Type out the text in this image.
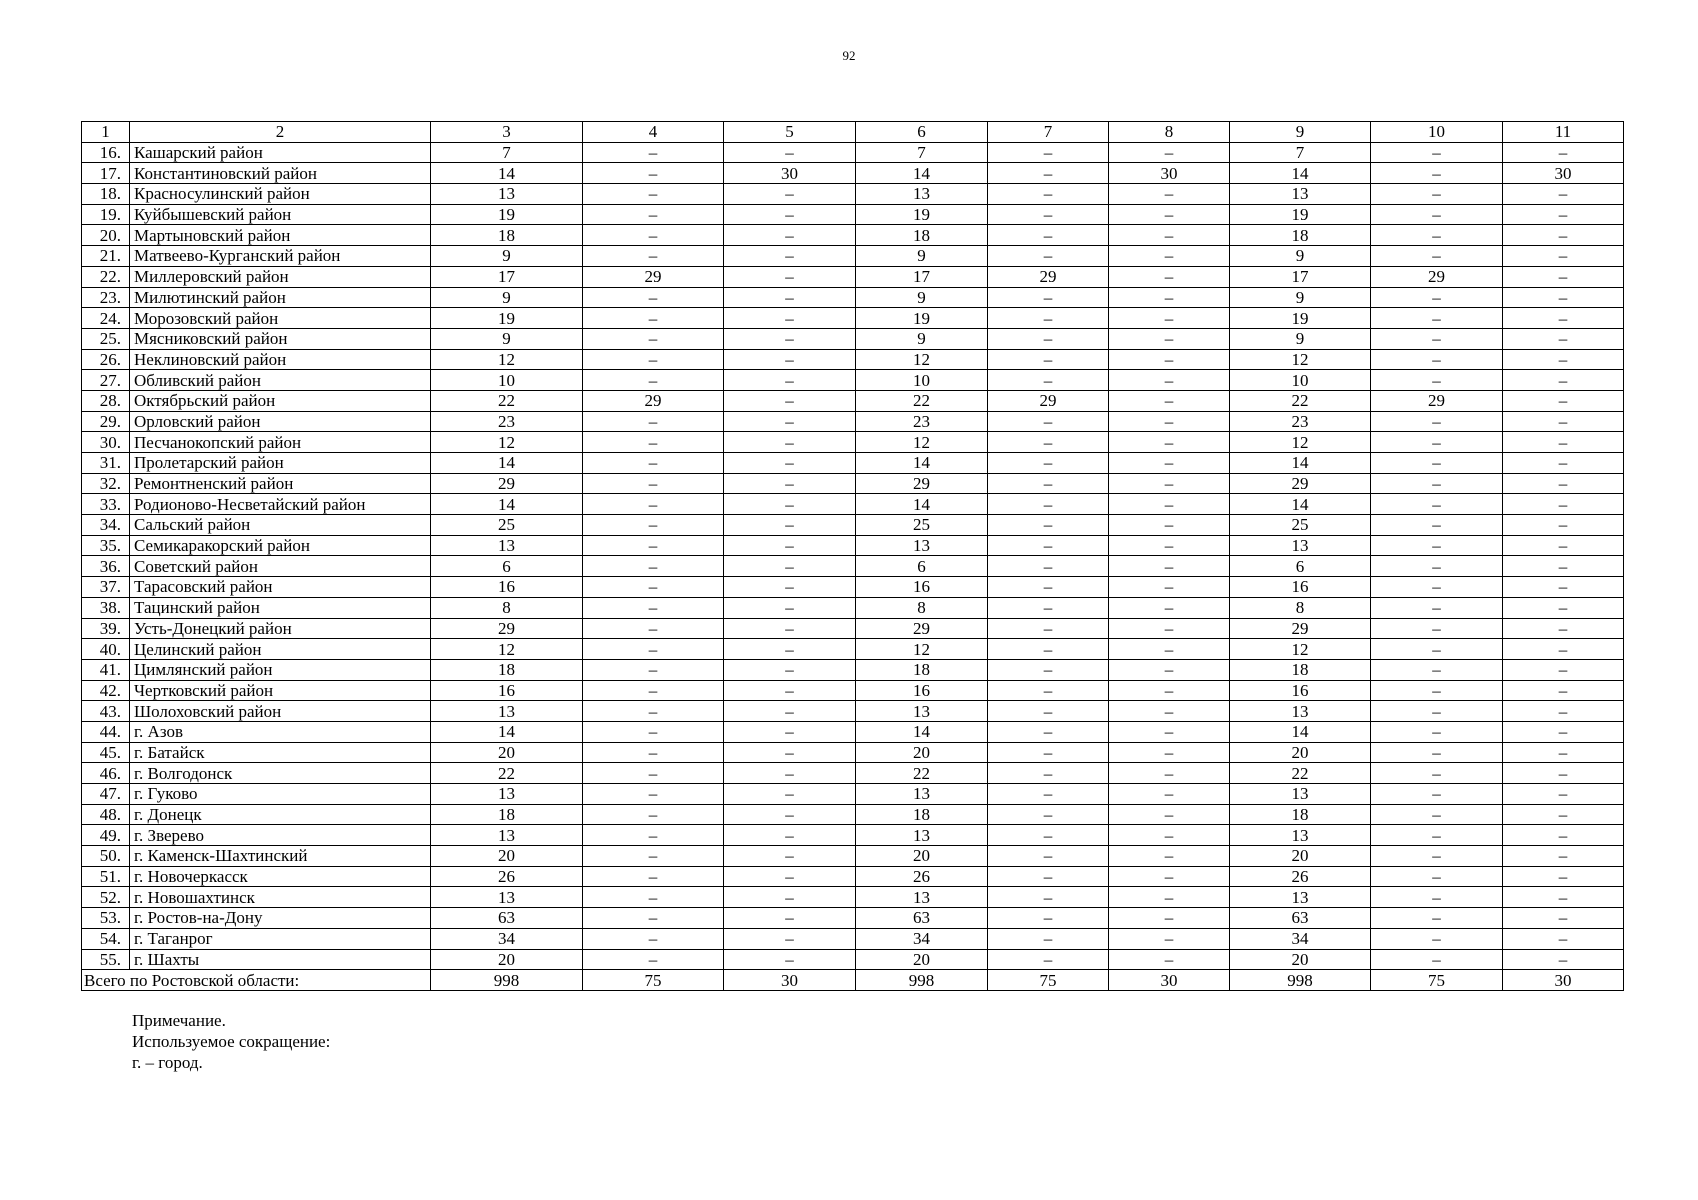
92
1	2	3	4	5	6	7	8	9	10	11
16.	Кашарский район	7	–	–	7	–	–	7	–	–
17.	Константиновский район	14	–	30	14	–	30	14	–	30
18.	Красносулинский район	13	–	–	13	–	–	13	–	–
19.	Куйбышевский район	19	–	–	19	–	–	19	–	–
20.	Мартыновский район	18	–	–	18	–	–	18	–	–
21.	Матвеево-Курганский район	9	–	–	9	–	–	9	–	–
22.	Миллеровский район	17	29	–	17	29	–	17	29	–
23.	Милютинский район	9	–	–	9	–	–	9	–	–
24.	Морозовский район	19	–	–	19	–	–	19	–	–
25.	Мясниковский район	9	–	–	9	–	–	9	–	–
26.	Неклиновский район	12	–	–	12	–	–	12	–	–
27.	Обливский район	10	–	–	10	–	–	10	–	–
28.	Октябрьский район	22	29	–	22	29	–	22	29	–
29.	Орловский район	23	–	–	23	–	–	23	–	–
30.	Песчанокопский район	12	–	–	12	–	–	12	–	–
31.	Пролетарский район	14	–	–	14	–	–	14	–	–
32.	Ремонтненский район	29	–	–	29	–	–	29	–	–
33.	Родионово-Несветайский район	14	–	–	14	–	–	14	–	–
34.	Сальский район	25	–	–	25	–	–	25	–	–
35.	Семикаракорский район	13	–	–	13	–	–	13	–	–
36.	Советский район	6	–	–	6	–	–	6	–	–
37.	Тарасовский район	16	–	–	16	–	–	16	–	–
38.	Тацинский район	8	–	–	8	–	–	8	–	–
39.	Усть-Донецкий район	29	–	–	29	–	–	29	–	–
40.	Целинский район	12	–	–	12	–	–	12	–	–
41.	Цимлянский район	18	–	–	18	–	–	18	–	–
42.	Чертковский район	16	–	–	16	–	–	16	–	–
43.	Шолоховский район	13	–	–	13	–	–	13	–	–
44.	г. Азов	14	–	–	14	–	–	14	–	–
45.	г. Батайск	20	–	–	20	–	–	20	–	–
46.	г. Волгодонск	22	–	–	22	–	–	22	–	–
47.	г. Гуково	13	–	–	13	–	–	13	–	–
48.	г. Донецк	18	–	–	18	–	–	18	–	–
49.	г. Зверево	13	–	–	13	–	–	13	–	–
50.	г. Каменск-Шахтинский	20	–	–	20	–	–	20	–	–
51.	г. Новочеркасск	26	–	–	26	–	–	26	–	–
52.	г. Новошахтинск	13	–	–	13	–	–	13	–	–
53.	г. Ростов-на-Дону	63	–	–	63	–	–	63	–	–
54.	г. Таганрог	34	–	–	34	–	–	34	–	–
55.	г. Шахты	20	–	–	20	–	–	20	–	–
Всего по Ростовской области:		998	75	30	998	75	30	998	75	30
Примечание.
Используемое сокращение:
г. – город.
